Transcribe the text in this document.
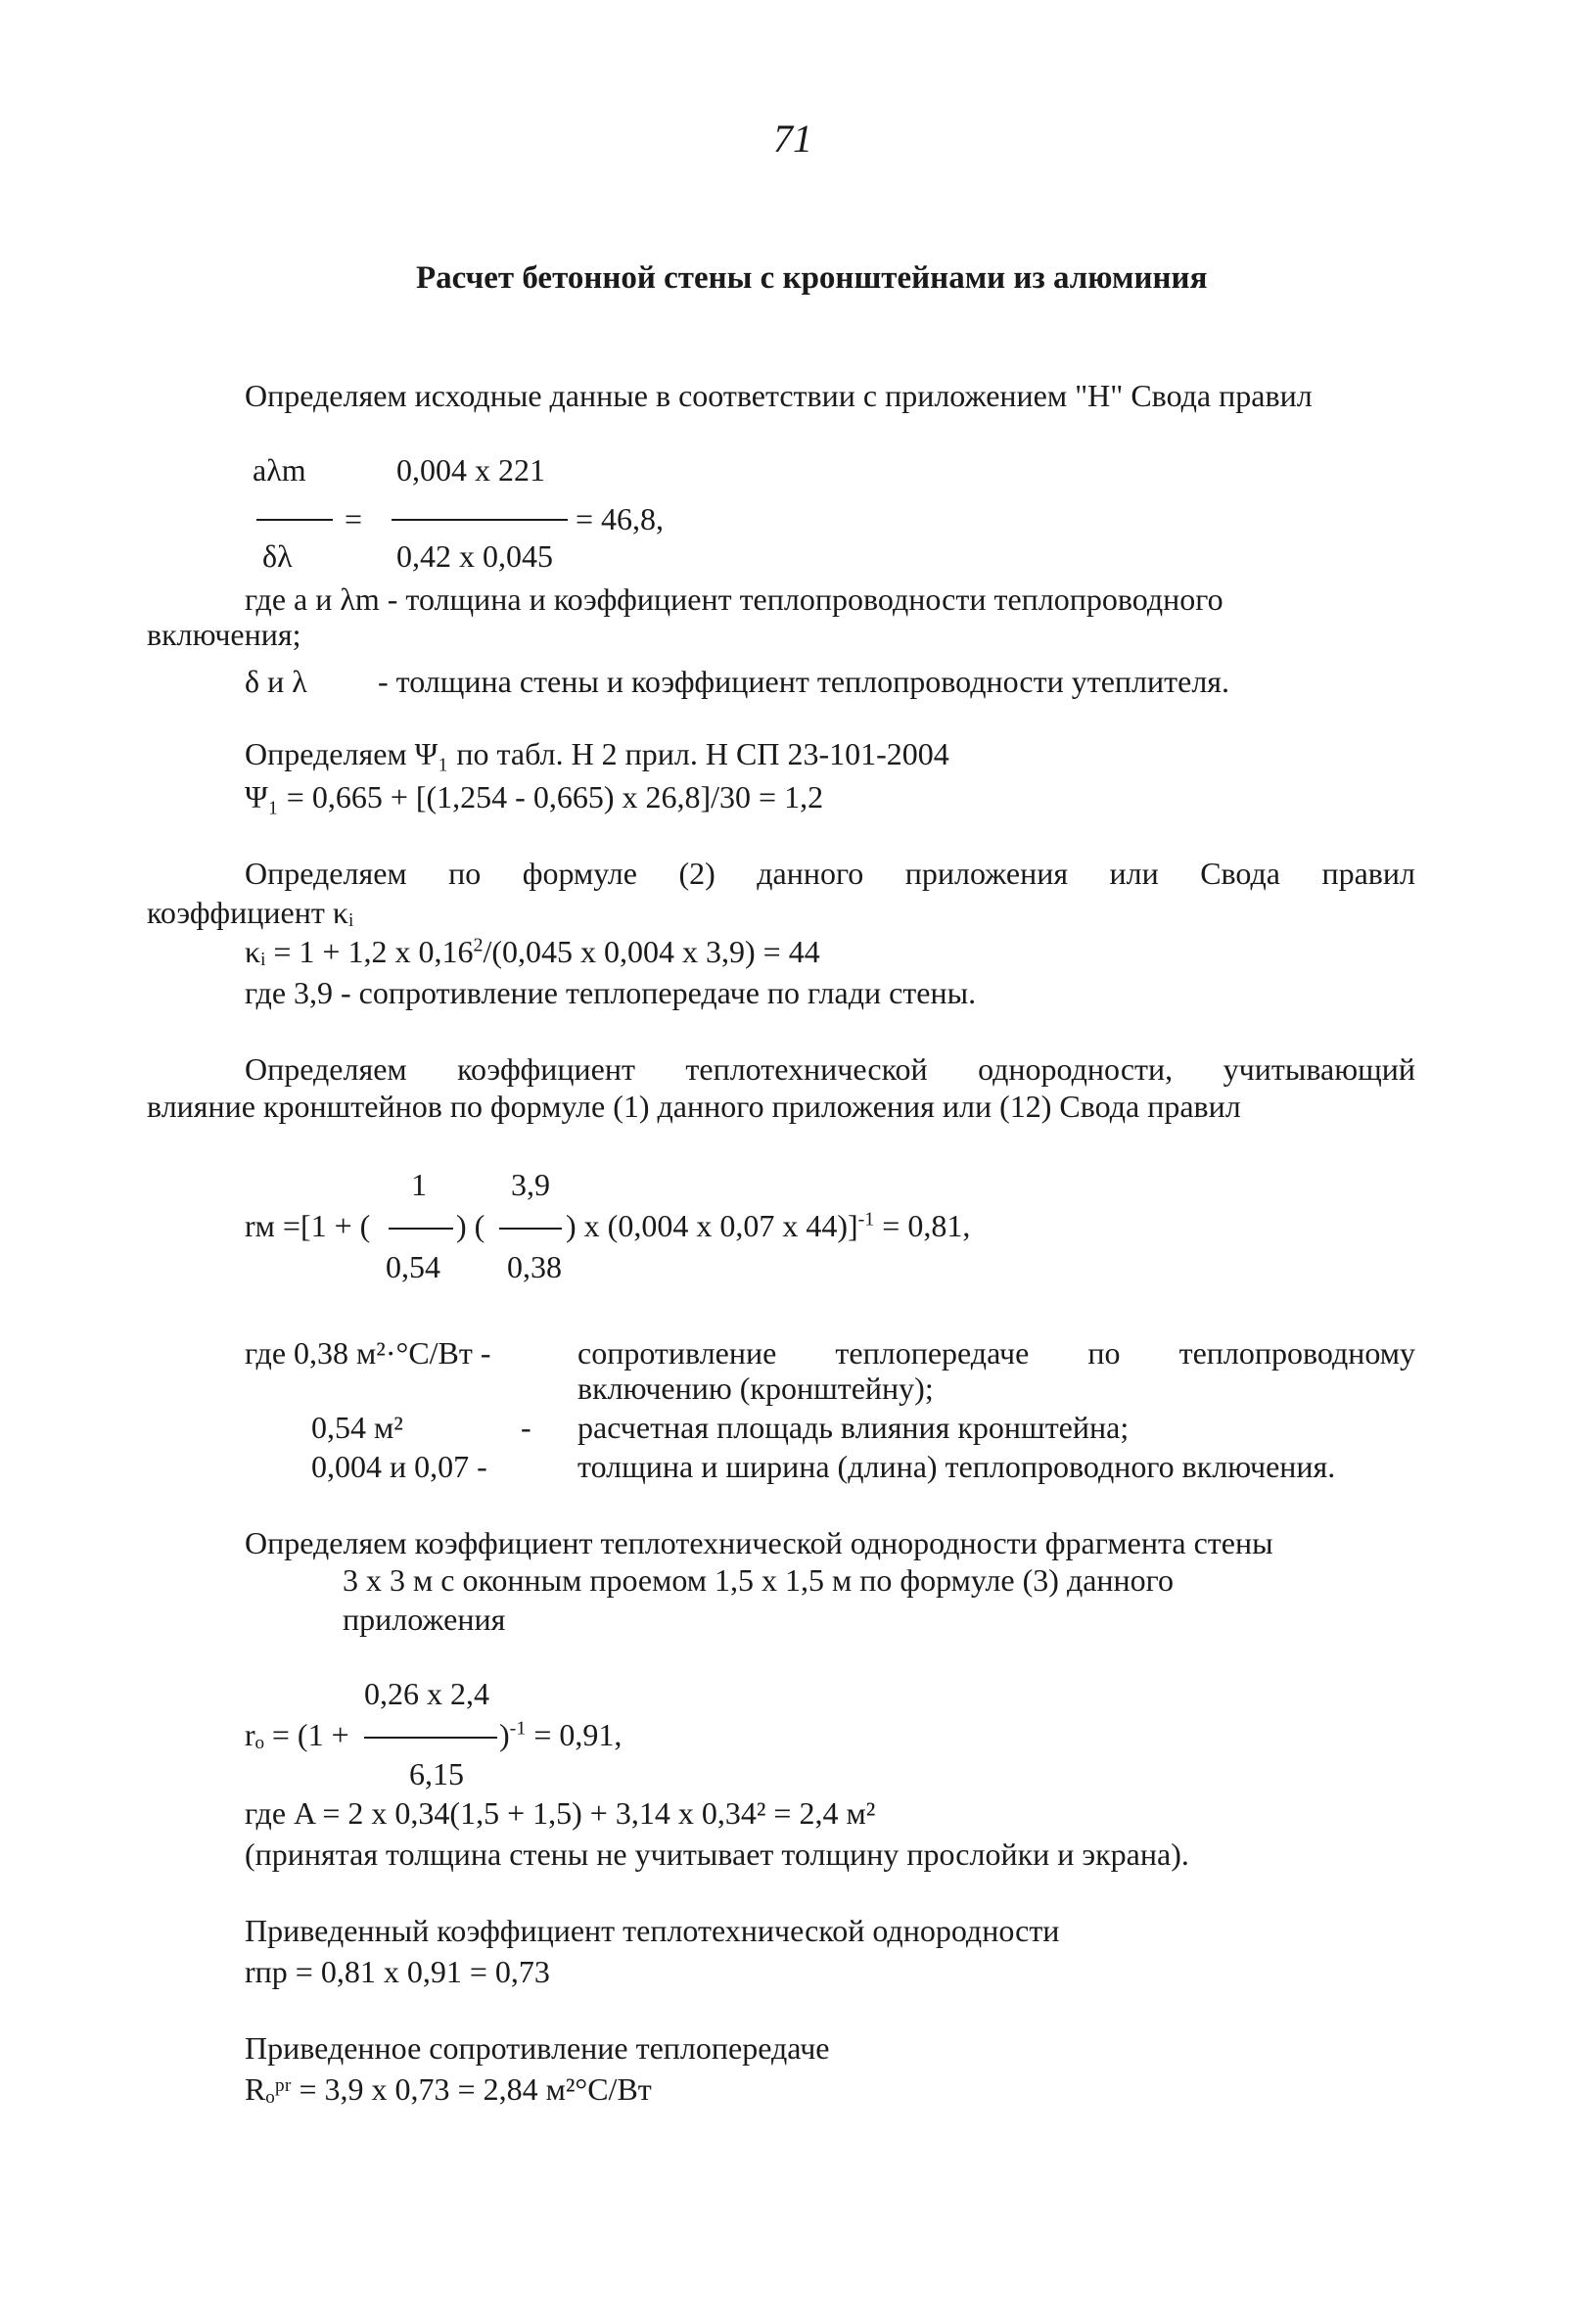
71
Расчет бетонной стены с кронштейнами из алюминия
Определяем исходные данные в соответствии с приложением "Н" Свода правил
aλm
δλ
=
0,004 x 221
0,42 x 0,045
= 46,8,
где а и λm - толщина и коэффициент теплопроводности теплопроводного
включения;
δ и λ - толщина стены и коэффициент теплопроводности утеплителя.
Определяем Ψ₁ по табл. Н 2 прил. Н СП 23-101-2004
Ψ₁ = 0,665 + [(1,254 - 0,665) x 26,8]/30 = 1,2
Определяем по формуле (2) данного приложения или Свода правил
коэффициент κᵢ
κᵢ = 1 + 1,2 x 0,16$^2$/(0,045 x 0,004 x 3,9) = 44
где 3,9 - сопротивление теплопередаче по глади стены.
Определяем коэффициент теплотехнической однородности, учитывающий
влияние кронштейнов по формуле (1) данного приложения или (12) Свода правил
1	3,9
rм =[1 + (	) (	) x (0,004 x 0,07 x 44)]$^{-1}$ = 0,81,
0,54 0,38
где 0,38 м²·°С/Вт -	сопротивление теплопередаче по теплопроводному
включению (кронштейну);
0,54 м²	- расчетная площадь влияния кронштейна;
0,004 и 0,07 -	толщина и ширина (длина) теплопроводного включения.
Определяем коэффициент теплотехнической однородности фрагмента стены
3 x 3 м с оконным проемом 1,5 x 1,5 м по формуле (3) данного
приложения
0,26 x 2,4
rₒ = (1 +	)$^{-1}$ = 0,91,
6,15
где A = 2 x 0,34(1,5 + 1,5) + 3,14 x 0,34² = 2,4 м²
(принятая толщина стены не учитывает толщину прослойки и экрана).
Приведенный коэффициент теплотехнической однородности
rпр = 0,81 x 0,91 = 0,73
Приведенное сопротивление теплопередаче
Rₒᵖʳ = 3,9 x 0,73 = 2,84 м²°С/Вт
